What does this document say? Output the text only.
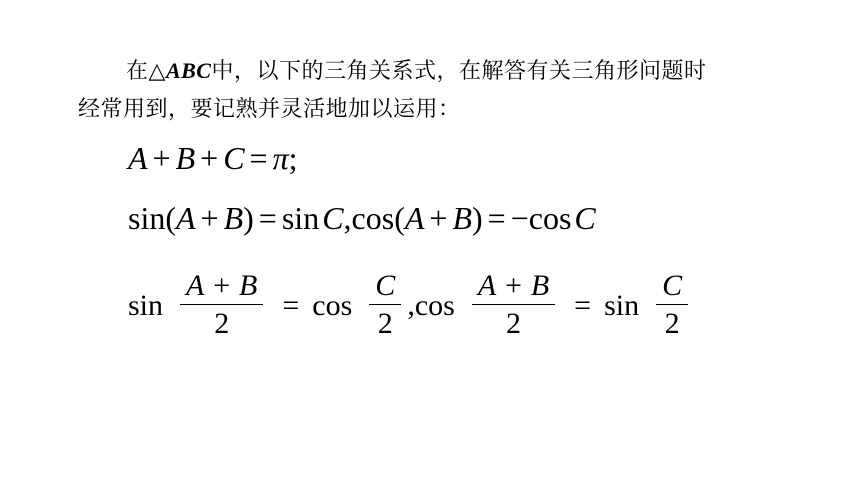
在△ABC中，以下的三角关系式，在解答有关三角形问题时
经常用到，要记熟并灵活地加以运用：
A + B + C = π;
sin(A + B) = sinC,cos(A + B) = −cosC
$\sin \frac{A + B}{2} = \cos \frac{C}{2} ,\cos \frac{A + B}{2} = \sin \frac{C}{2}$
